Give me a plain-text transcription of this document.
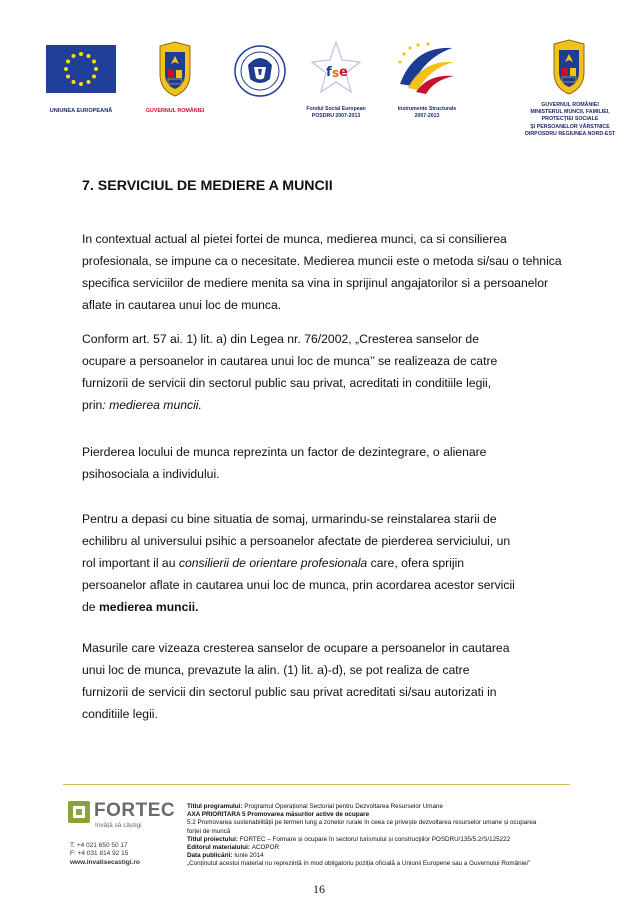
UNIUNEA EUROPEANĂ	GUVERNUL ROMÂNIEI
f s e
Fondul Social European
POSDRU 2007-2013
Instrumente Structurale
2007-2013
GUVERNUL ROMÂNIEI
MINISTERUL MUNCII, FAMILIEI,
PROTECȚIEI SOCIALE
ȘI PERSOANELOR VÂRSTNICE
OIRPOSDRU REGIUNEA NORD-EST
7. SERVICIUL DE MEDIERE A MUNCII

In contextual actual al pietei fortei de munca, medierea munci, ca si consilierea

profesionala, se impune ca o necesitate. Medierea muncii este o metoda si/sau o tehnica

specifica serviciilor de mediere menita sa vina in sprijinul angajatorilor si a persoanelor

aflate in cautarea unui loc de munca.

Conform art. 57 ai. 1) lit. a) din Legea nr. 76/2002, „Cresterea sanselor de

ocupare a persoanelor in cautarea unui loc de munca’’ se realizeaza de catre

furnizorii de servicii din sectorul public sau privat, acreditati in conditiile legii,

prin: medierea muncii.

Pierderea locului de munca reprezinta un factor de dezintegrare, o alienare

psihosociala a individului.

Pentru a depasi cu bine situatia de somaj, urmarindu-se reinstalarea starii de

echilibru al universului psihic a persoanelor afectate de pierderea serviciului, un

rol important il au consilierii de orientare profesionala care, ofera sprijin

persoanelor aflate in cautarea unui loc de munca, prin acordarea acestor servicii

de medierea muncii.

Masurile care vizeaza cresterea sanselor de ocupare a persoanelor in cautarea

unui loc de munca, prevazute la alin. (1) lit. a)-d), se pot realiza de catre

furnizorii de servicii din sectorul public sau privat acreditati si/sau autorizati in

conditiile legii.

FORTEC
învăță să câștigi
T: +4 021 650 50 17
F: +4 031 814 92 15
www.invatisecastigi.ro
Titlul programului: Programul Operațional Sectorial pentru Dezvoltarea Resurselor Umane
AXA PRIORITARA 5 Promovarea măsurilor active de ocupare
5.2 Promovarea sustenabilității pe termen lung a zonelor rurale în ceea ce privește dezvoltarea resurselor umane și ocuparea
forței de muncă
Titlul proiectului: FORTEC – Formare și ocupare în sectorul turismului și construcțiilor POSDRU/135/5.2/S/125222
Editorul materialului: ACOPOR
Data publicării: Iunie 2014
„Conținutul acestui material nu reprezintă în mod obligatoriu poziția oficială a Uniunii Europene sau a Guvernului României”
16
